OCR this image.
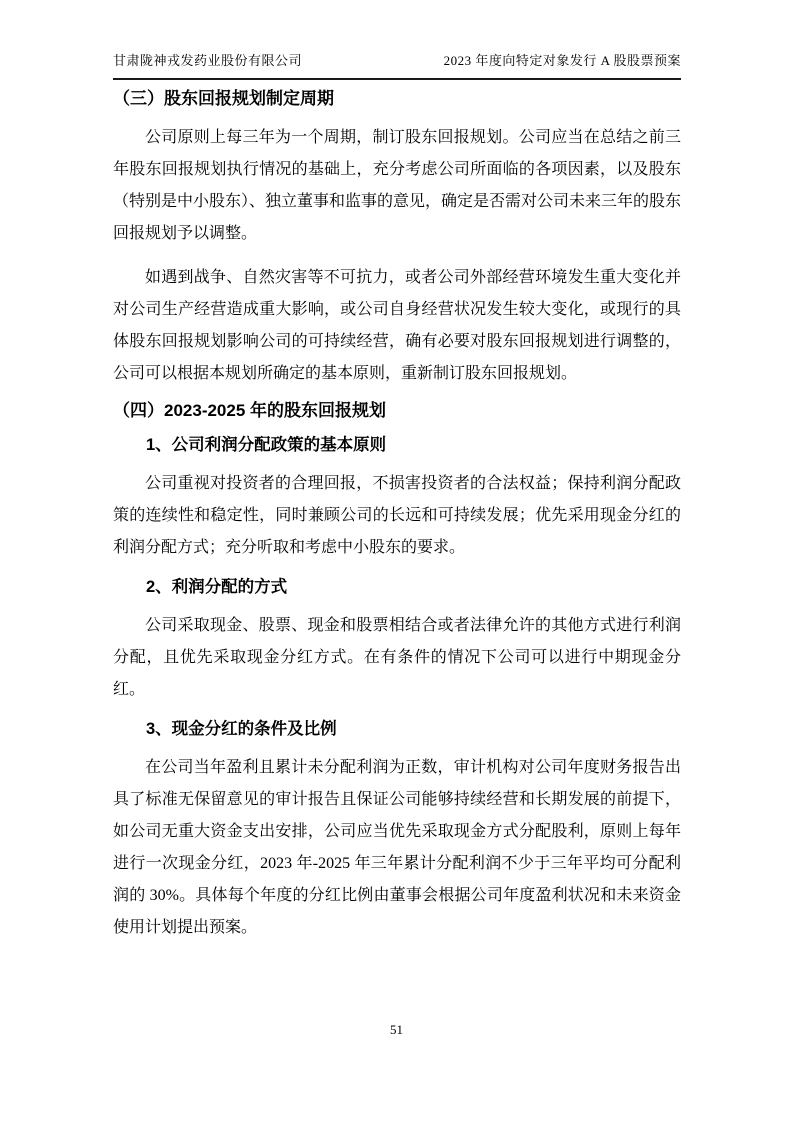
甘肃陇神戎发药业股份有限公司	2023 年度向特定对象发行 A 股股票预案
（三）股东回报规划制定周期

公司原则上每三年为一个周期，制订股东回报规划。公司应当在总结之前三年股东回报规划执行情况的基础上，充分考虑公司所面临的各项因素，以及股东（特别是中小股东）、独立董事和监事的意见，确定是否需对公司未来三年的股东回报规划予以调整。

如遇到战争、自然灾害等不可抗力，或者公司外部经营环境发生重大变化并对公司生产经营造成重大影响，或公司自身经营状况发生较大变化，或现行的具体股东回报规划影响公司的可持续经营，确有必要对股东回报规划进行调整的，公司可以根据本规划所确定的基本原则，重新制订股东回报规划。

（四）2023-2025 年的股东回报规划
1、公司利润分配政策的基本原则

公司重视对投资者的合理回报，不损害投资者的合法权益；保持利润分配政策的连续性和稳定性，同时兼顾公司的长远和可持续发展；优先采用现金分红的利润分配方式；充分听取和考虑中小股东的要求。

2、利润分配的方式

公司采取现金、股票、现金和股票相结合或者法律允许的其他方式进行利润分配，且优先采取现金分红方式。在有条件的情况下公司可以进行中期现金分红。

3、现金分红的条件及比例

在公司当年盈利且累计未分配利润为正数，审计机构对公司年度财务报告出具了标准无保留意见的审计报告且保证公司能够持续经营和长期发展的前提下，如公司无重大资金支出安排，公司应当优先采取现金方式分配股利，原则上每年进行一次现金分红，2023 年-2025 年三年累计分配利润不少于三年平均可分配利润的 30%。具体每个年度的分红比例由董事会根据公司年度盈利状况和未来资金使用计划提出预案。

51
